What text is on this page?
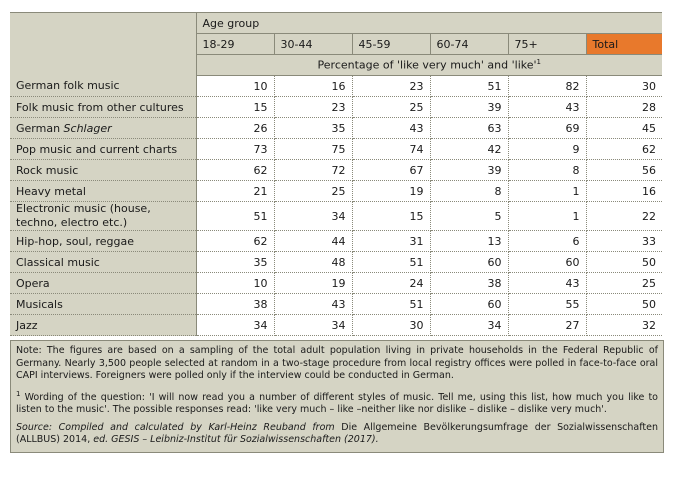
	Age group					
	18-29	30-44	45-59	60-74	75+	Total
	Percentage of 'like very much' and '$like'^1$
German folk music	10	16	23	51	82	30
Folk music from other cultures	15	23	25	39	43	28
German Schlager	26	35	43	63	69	45
Pop music and current charts	73	75	74	42	9	62
Rock music	62	72	67	39	8	56
Heavy metal	21	25	19	8	1	16
Electronic music (house, techno, electro etc.)	51	34	15	5	1	22
Hip-hop, soul, reggae	62	44	31	13	6	33
Classical music	35	48	51	60	60	50
Opera	10	19	24	38	43	25
Musicals	38	43	51	60	55	50
Jazz	34	34	30	34	27	32

Note: The figures are based on a sampling of the total adult population living in private households in the Federal Republic of Germany. Nearly 3,500 people selected at random in a two-stage procedure from local registry offices were polled in face-to-face oral CAPI interviews. Foreigners were polled only if the interview could be conducted in German.

$^1$ Wording of the question: 'I will now read you a number of different styles of music. Tell me, using this list, how much you like to listen to the music'. The possible responses read: 'like very much – like –neither like nor dislike – dislike – dislike very much'.

Source: Compiled and calculated by Karl-Heinz Reuband from Die Allgemeine Bevölkerungsumfrage der Sozialwissenschaften (ALLBUS) 2014, ed. GESIS – Leibniz-Institut für Sozialwissenschaften (2017).
